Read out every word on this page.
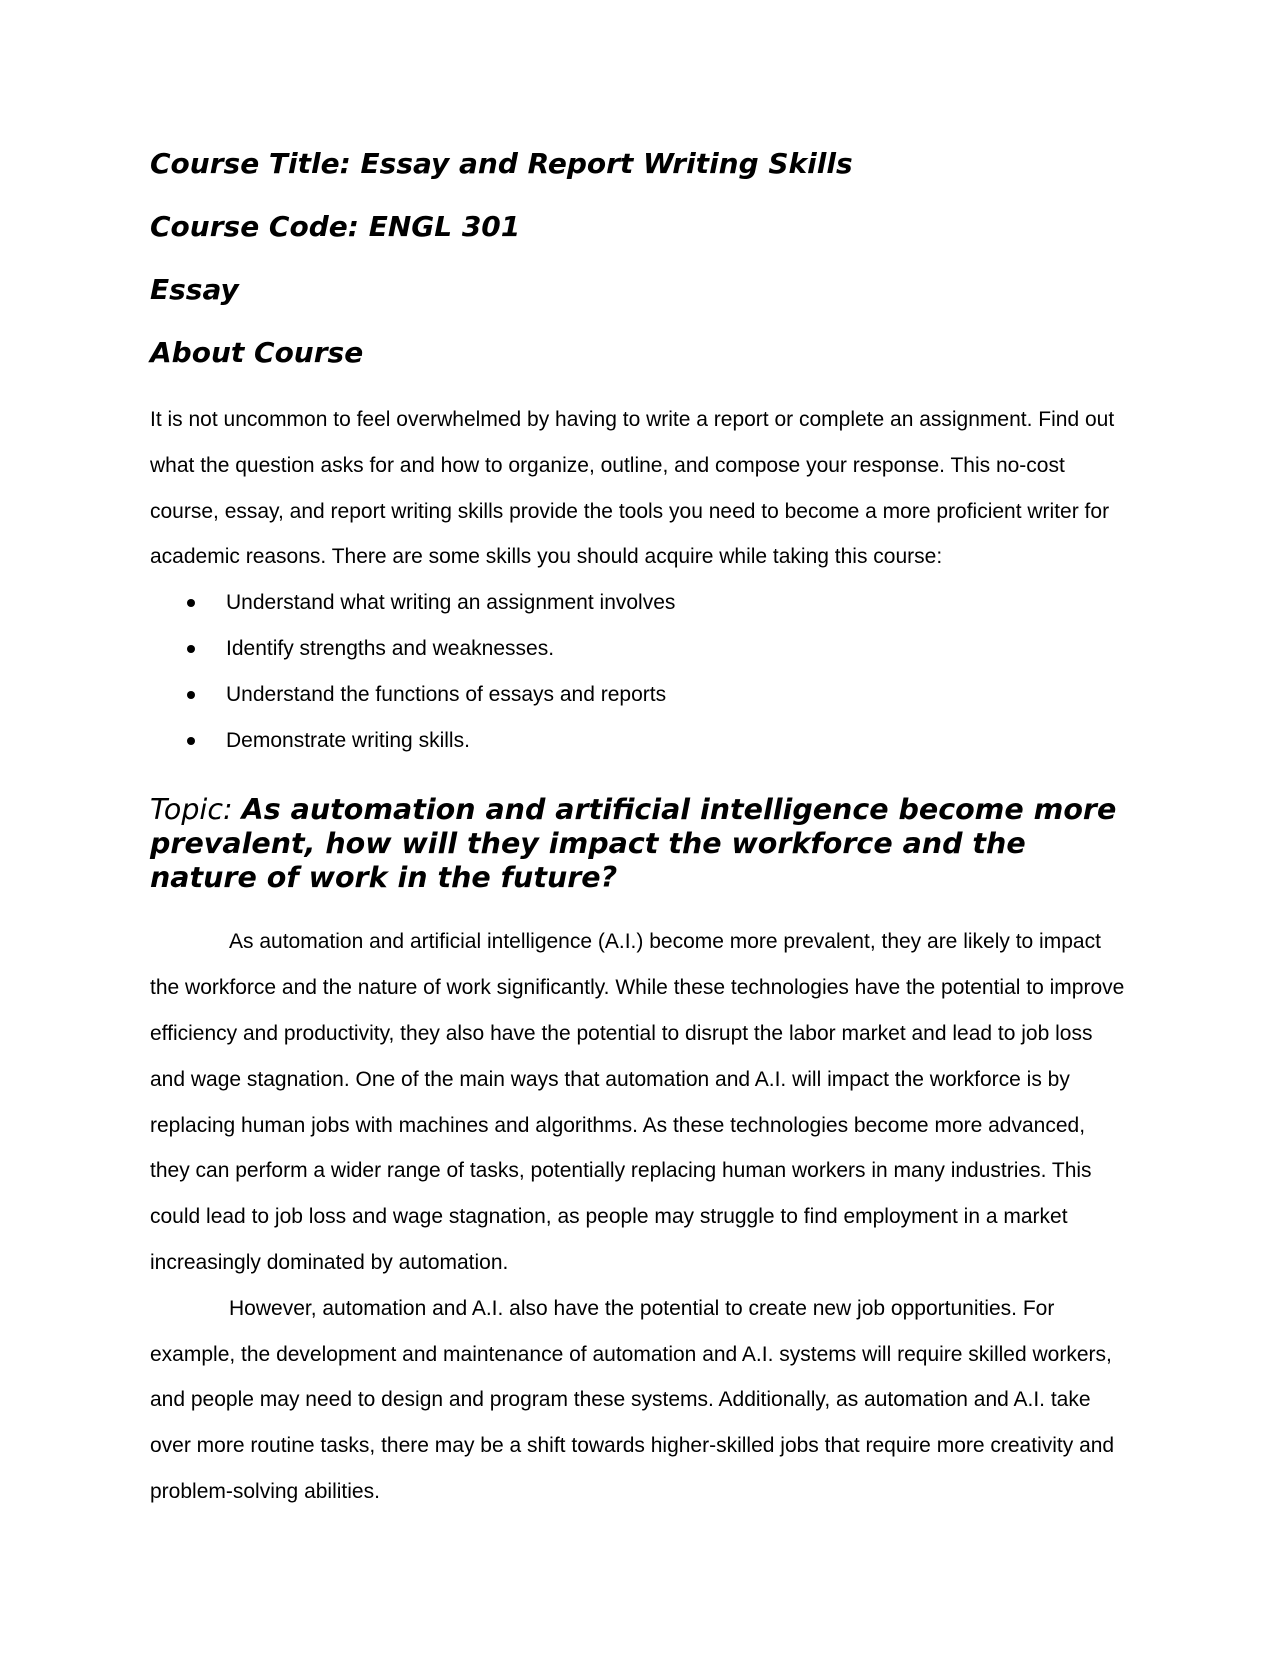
Course Title: Essay and Report Writing Skills
Course Code: ENGL 301
Essay
About Course

It is not uncommon to feel overwhelmed by having to write a report or complete an assignment. Find out what the question asks for and how to organize, outline, and compose your response. This no-cost course, essay, and report writing skills provide the tools you need to become a more proficient writer for academic reasons. There are some skills you should acquire while taking this course:

Understand what writing an assignment involves
Identify strengths and weaknesses.
Understand the functions of essays and reports
Demonstrate writing skills.
Topic: As automation and artificial intelligence become more prevalent, how will they impact the workforce and the nature of work in the future?

As automation and artificial intelligence (A.I.) become more prevalent, they are likely to impact the workforce and the nature of work significantly. While these technologies have the potential to improve efficiency and productivity, they also have the potential to disrupt the labor market and lead to job loss and wage stagnation. One of the main ways that automation and A.I. will impact the workforce is by replacing human jobs with machines and algorithms. As these technologies become more advanced, they can perform a wider range of tasks, potentially replacing human workers in many industries. This could lead to job loss and wage stagnation, as people may struggle to find employment in a market increasingly dominated by automation.

However, automation and A.I. also have the potential to create new job opportunities. For example, the development and maintenance of automation and A.I. systems will require skilled workers, and people may need to design and program these systems. Additionally, as automation and A.I. take over more routine tasks, there may be a shift towards higher-skilled jobs that require more creativity and problem-solving abilities.
